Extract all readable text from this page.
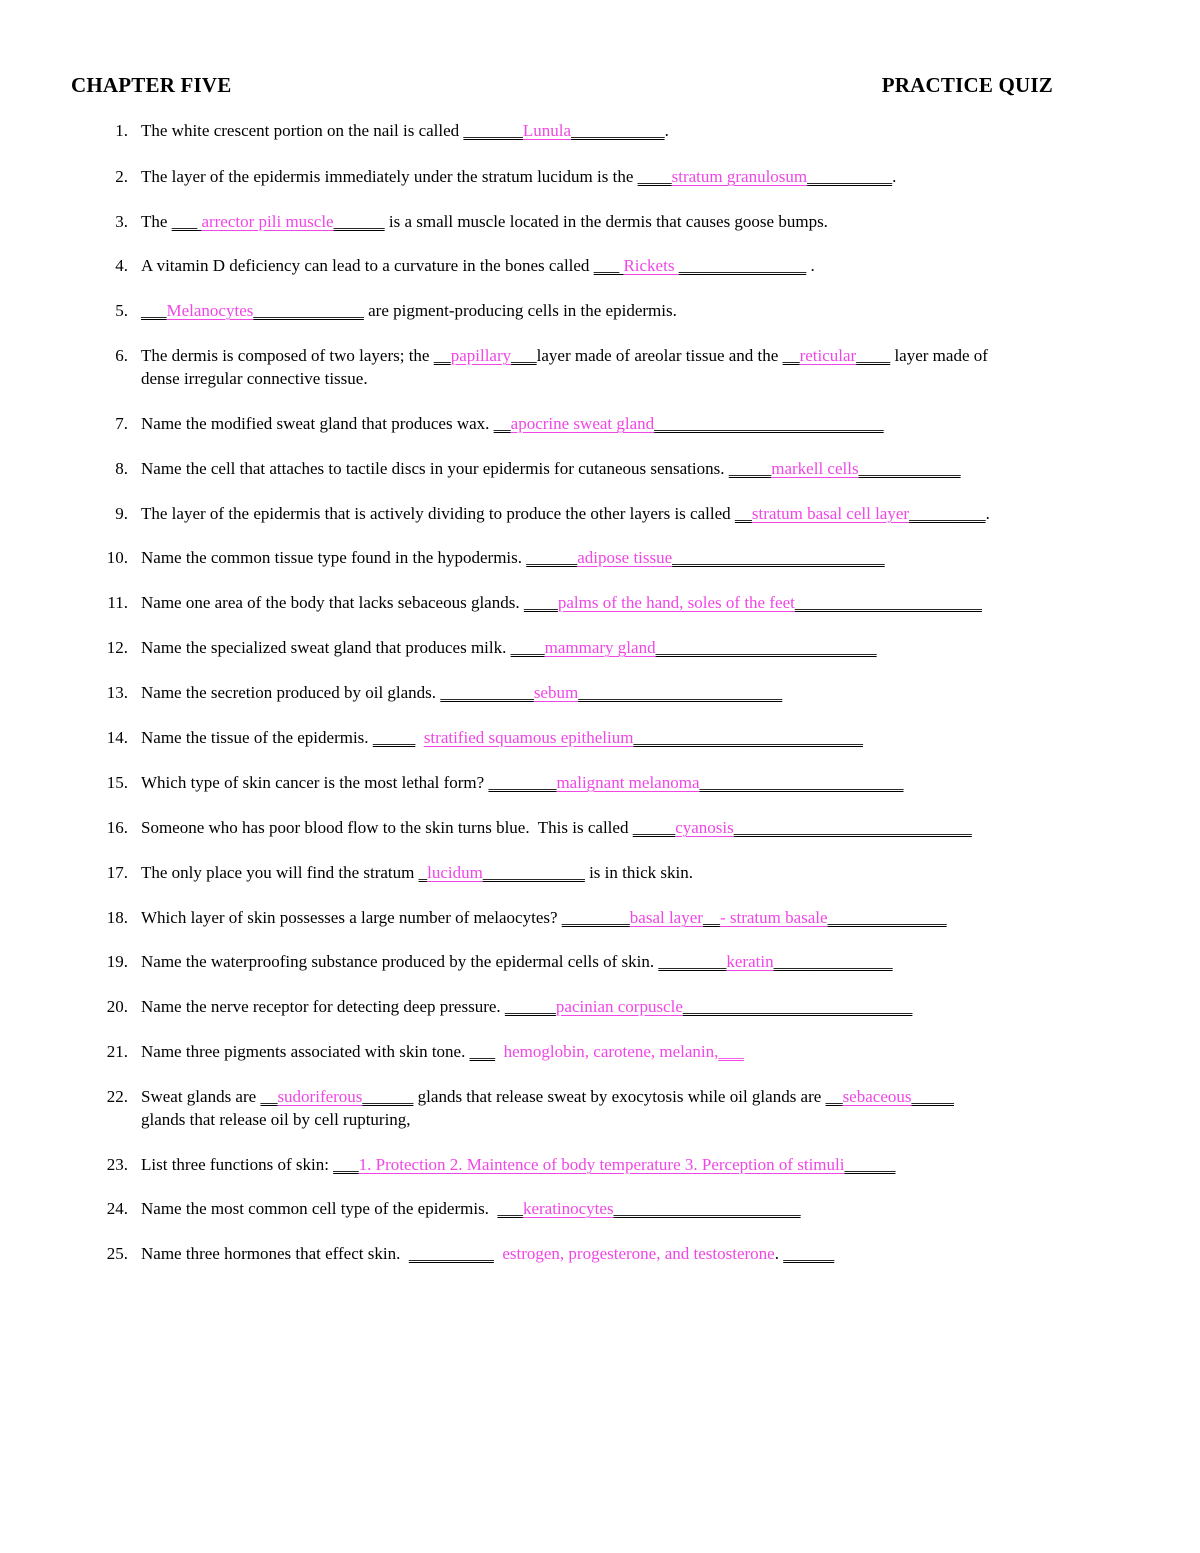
CHAPTER FIVE	PRACTICE QUIZ
1. The white crescent portion on the nail is called _______Lunula___________.
2. The layer of the epidermis immediately under the stratum lucidum is the ____stratum granulosum__________.
3. The ___ arrector pili muscle______ is a small muscle located in the dermis that causes goose bumps.
4. A vitamin D deficiency can lead to a curvature in the bones called ___ Rickets _______________ .
5. ___Melanocytes_____________ are pigment-producing cells in the epidermis.
6. The dermis is composed of two layers; the __papillary___layer made of areolar tissue and the __reticular____ layer made of
dense irregular connective tissue.
7. Name the modified sweat gland that produces wax. __apocrine sweat gland___________________________
8. Name the cell that attaches to tactile discs in your epidermis for cutaneous sensations. _____markell cells____________
9. The layer of the epidermis that is actively dividing to produce the other layers is called __stratum basal cell layer_________.
10. Name the common tissue type found in the hypodermis. ______adipose tissue_________________________
11. Name one area of the body that lacks sebaceous glands. ____palms of the hand, soles of the feet______________________
12. Name the specialized sweat gland that produces milk. ____mammary gland__________________________
13. Name the secretion produced by oil glands. ___________sebum________________________
14. Name the tissue of the epidermis. _____ stratified squamous epithelium___________________________
15. Which type of skin cancer is the most lethal form? ________malignant melanoma________________________
16. Someone who has poor blood flow to the skin turns blue.  This is called _____cyanosis____________________________
17. The only place you will find the stratum _lucidum____________ is in thick skin.
18. Which layer of skin possesses a large number of melaocytes? ________basal layer__- stratum basale______________
19. Name the waterproofing substance produced by the epidermal cells of skin. ________keratin______________
20. Name the nerve receptor for detecting deep pressure. ______pacinian corpuscle___________________________
21. Name three pigments associated with skin tone. ___ hemoglobin, carotene, melanin,___
22. Sweat glands are __sudoriferous______ glands that release sweat by exocytosis while oil glands are __sebaceous_____
glands that release oil by cell rupturing,
23. List three functions of skin: ___1. Protection 2. Maintence of body temperature 3. Perception of stimuli______
24. Name the most common cell type of the epidermis.  ___keratinocytes______________________
25. Name three hormones that effect skin.  __________ estrogen, progesterone, and testosterone. ______
